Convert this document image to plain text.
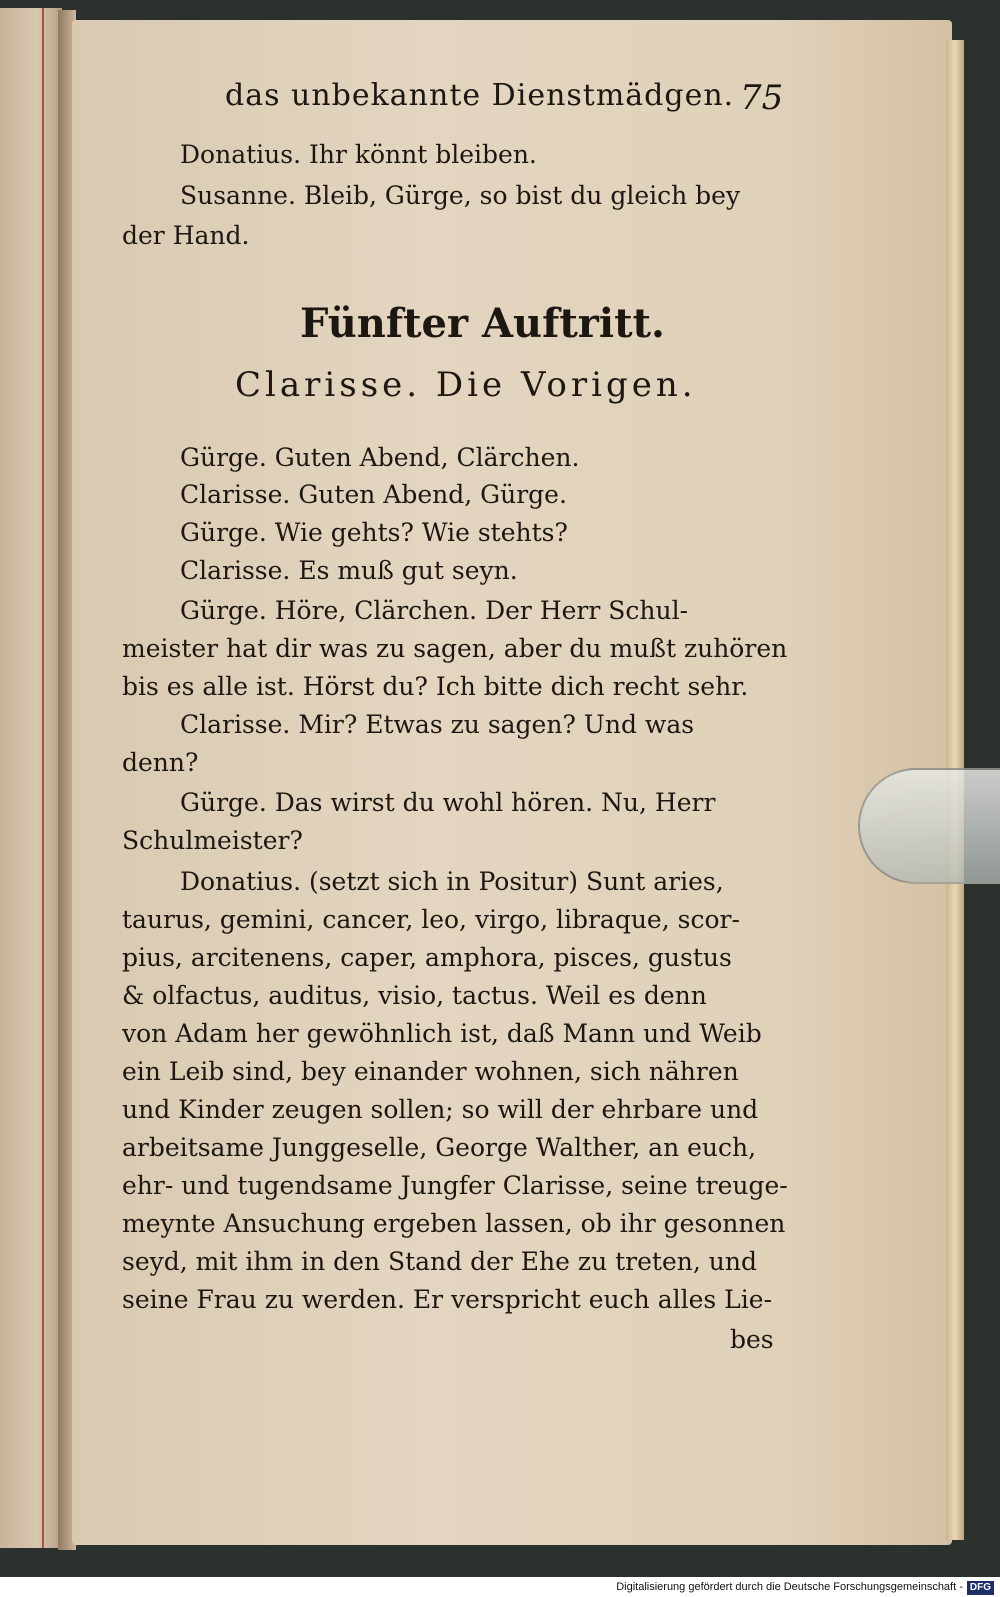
das unbekannte Dienstmädgen. 75
Donatius. Ihr könnt bleiben.
Susanne. Bleib, Gürge, so bist du gleich bey
der Hand.
Fünfter Auftritt.
Clarisse. Die Vorigen.
Gürge. Guten Abend, Clärchen.
Clarisse. Guten Abend, Gürge.
Gürge. Wie gehts? Wie stehts?
Clarisse. Es muß gut seyn.
Gürge. Höre, Clärchen. Der Herr Schul-
meister hat dir was zu sagen, aber du mußt zuhören
bis es alle ist. Hörst du? Ich bitte dich recht sehr.
Clarisse. Mir? Etwas zu sagen? Und was
denn?
Gürge. Das wirst du wohl hören. Nu, Herr
Schulmeister?
Donatius. (setzt sich in Positur) Sunt aries,
taurus, gemini, cancer, leo, virgo, libraque, scor-
pius, arcitenens, caper, amphora, pisces, gustus
& olfactus, auditus, visio, tactus. Weil es denn
von Adam her gewöhnlich ist, daß Mann und Weib
ein Leib sind, bey einander wohnen, sich nähren
und Kinder zeugen sollen; so will der ehrbare und
arbeitsame Junggeselle, George Walther, an euch,
ehr- und tugendsame Jungfer Clarisse, seine treuge-
meynte Ansuchung ergeben lassen, ob ihr gesonnen
seyd, mit ihm in den Stand der Ehe zu treten, und
seine Frau zu werden. Er verspricht euch alles Lie-
bes
Digitalisierung gefördert durch die Deutsche Forschungsgemeinschaft - DFG
